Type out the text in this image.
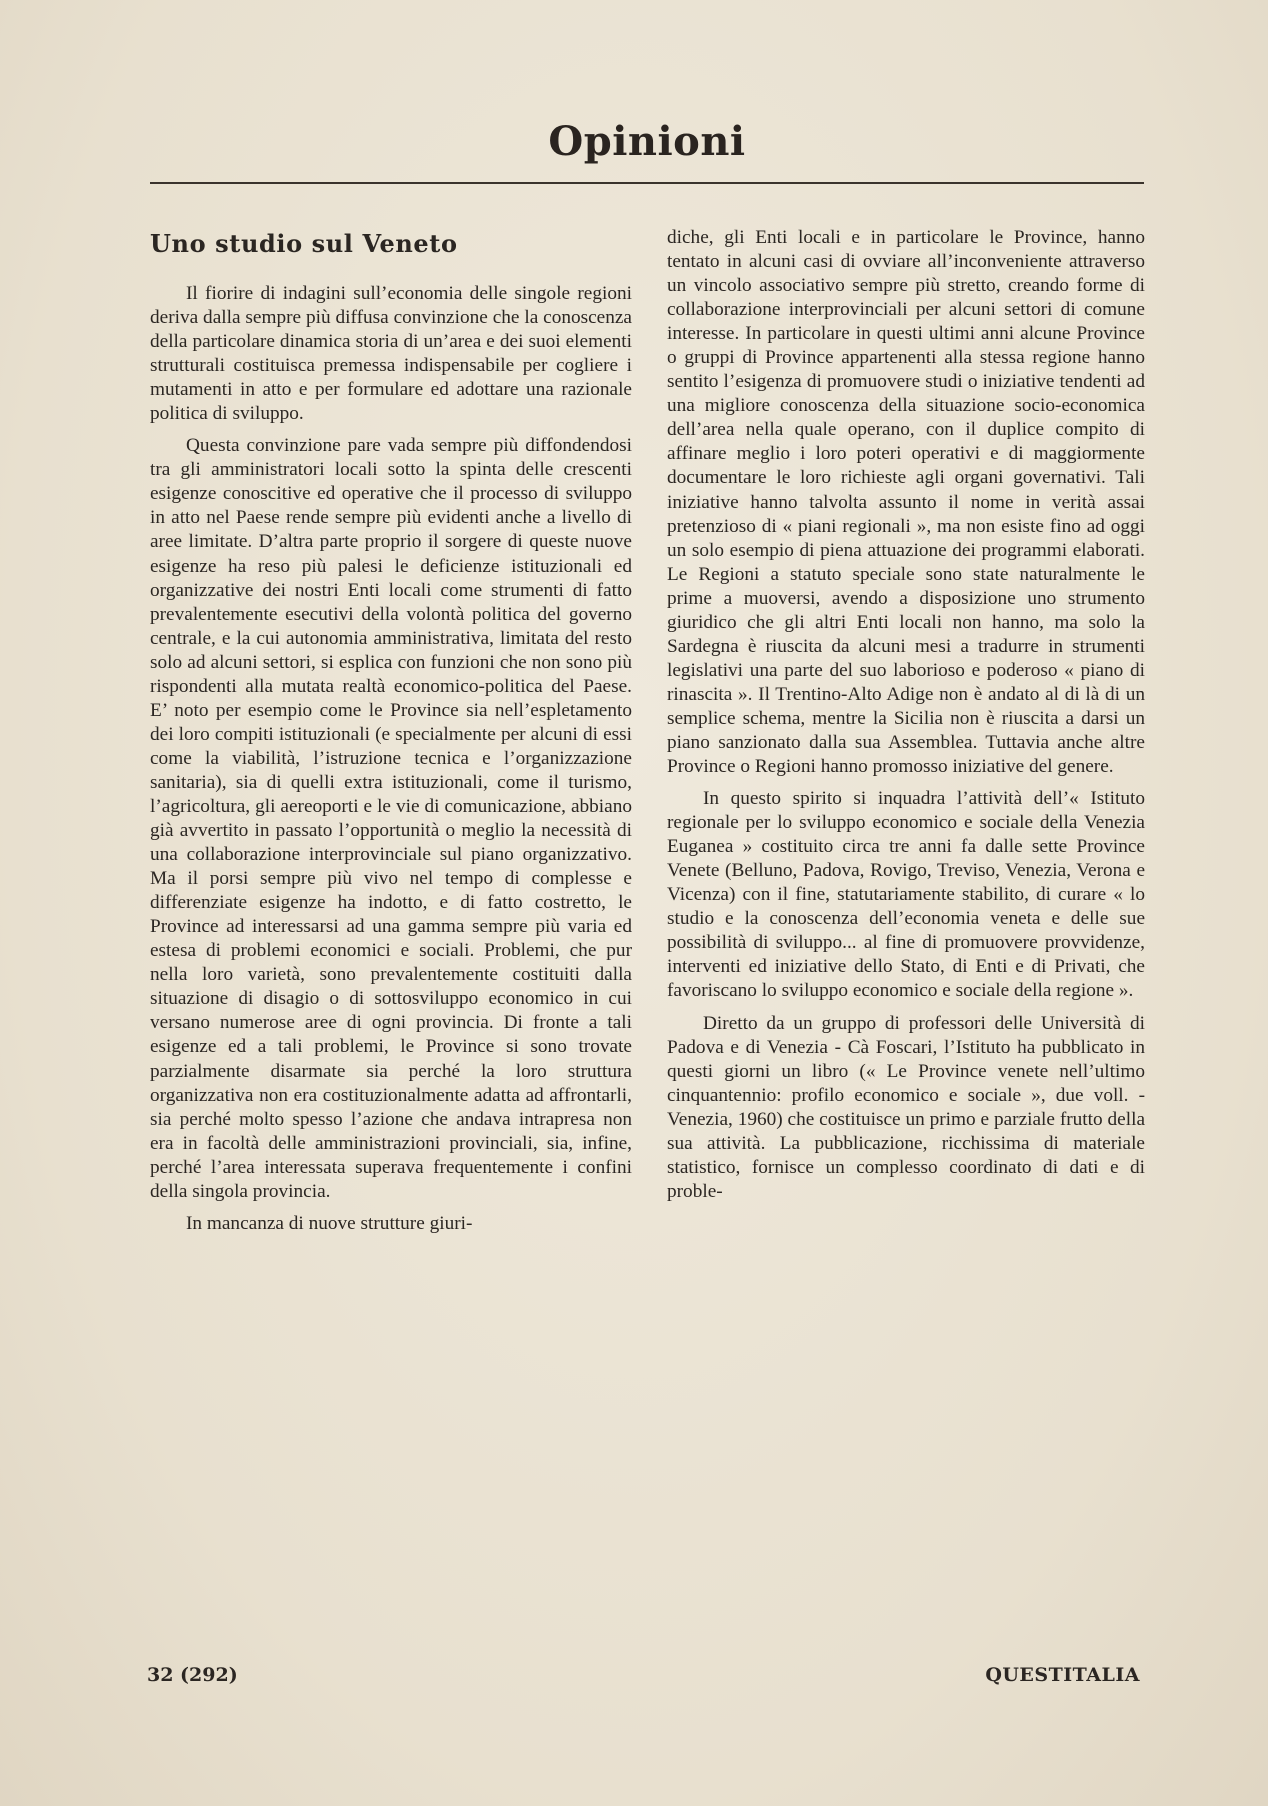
Opinioni
Uno studio sul Veneto

Il fiorire di indagini sull’economia delle singole regioni deriva dalla sempre più diffusa convinzione che la conoscenza della particolare dinamica storia di un’area e dei suoi elementi strutturali costituisca premessa indispensabile per cogliere i mutamenti in atto e per formulare ed adottare una razionale politica di sviluppo.

Questa convinzione pare vada sempre più diffondendosi tra gli amministratori locali sotto la spinta delle crescenti esigenze conoscitive ed operative che il processo di sviluppo in atto nel Paese rende sempre più evidenti anche a livello di aree limitate. D’altra parte proprio il sorgere di queste nuove esigenze ha reso più palesi le deficienze istituzionali ed organizzative dei nostri Enti locali come strumenti di fatto prevalentemente esecutivi della volontà politica del governo centrale, e la cui autonomia amministrativa, limitata del resto solo ad alcuni settori, si esplica con funzioni che non sono più rispondenti alla mutata realtà economico-politica del Paese. E’ noto per esempio come le Province sia nell’espletamento dei loro compiti istituzionali (e specialmente per alcuni di essi come la viabilità, l’istruzione tecnica e l’organizzazione sanitaria), sia di quelli extra istituzionali, come il turismo, l’agricoltura, gli aereoporti e le vie di comunicazione, abbiano già avvertito in passato l’opportunità o meglio la necessità di una collaborazione interprovinciale sul piano organizzativo. Ma il porsi sempre più vivo nel tempo di complesse e differenziate esigenze ha indotto, e di fatto costretto, le Province ad interessarsi ad una gamma sempre più varia ed estesa di problemi economici e sociali. Problemi, che pur nella loro varietà, sono prevalentemente costituiti dalla situazione di disagio o di sottosviluppo economico in cui versano numerose aree di ogni provincia. Di fronte a tali esigenze ed a tali problemi, le Province si sono trovate parzialmente disarmate sia perché la loro struttura organizzativa non era costituzionalmente adatta ad affrontarli, sia perché molto spesso l’azione che andava intrapresa non era in facoltà delle amministrazioni provinciali, sia, infine, perché l’area interessata superava frequentemente i confini della singola provincia.

In mancanza di nuove strutture giuri-

diche, gli Enti locali e in particolare le Province, hanno tentato in alcuni casi di ovviare all’inconveniente attraverso un vincolo associativo sempre più stretto, creando forme di collaborazione interprovinciali per alcuni settori di comune interesse. In particolare in questi ultimi anni alcune Province o gruppi di Province appartenenti alla stessa regione hanno sentito l’esigenza di promuovere studi o iniziative tendenti ad una migliore conoscenza della situazione socio-economica dell’area nella quale operano, con il duplice compito di affinare meglio i loro poteri operativi e di maggiormente documentare le loro richieste agli organi governativi. Tali iniziative hanno talvolta assunto il nome in verità assai pretenzioso di « piani regionali », ma non esiste fino ad oggi un solo esempio di piena attuazione dei programmi elaborati. Le Regioni a statuto speciale sono state naturalmente le prime a muoversi, avendo a disposizione uno strumento giuridico che gli altri Enti locali non hanno, ma solo la Sardegna è riuscita da alcuni mesi a tradurre in strumenti legislativi una parte del suo laborioso e poderoso « piano di rinascita ». Il Trentino-Alto Adige non è andato al di là di un semplice schema, mentre la Sicilia non è riuscita a darsi un piano sanzionato dalla sua Assemblea. Tuttavia anche altre Province o Regioni hanno promosso iniziative del genere.

In questo spirito si inquadra l’attività dell’« Istituto regionale per lo sviluppo economico e sociale della Venezia Euganea » costituito circa tre anni fa dalle sette Province Venete (Belluno, Padova, Rovigo, Treviso, Venezia, Verona e Vicenza) con il fine, statutariamente stabilito, di curare « lo studio e la conoscenza dell’economia veneta e delle sue possibilità di sviluppo... al fine di promuovere provvidenze, interventi ed iniziative dello Stato, di Enti e di Privati, che favoriscano lo sviluppo economico e sociale della regione ».

Diretto da un gruppo di professori delle Università di Padova e di Venezia - Cà Foscari, l’Istituto ha pubblicato in questi giorni un libro (« Le Province venete nell’ultimo cinquantennio: profilo economico e sociale », due voll. - Venezia, 1960) che costituisce un primo e parziale frutto della sua attività. La pubblicazione, ricchissima di materiale statistico, fornisce un complesso coordinato di dati e di proble-

32 (292)	QUESTITALIA
